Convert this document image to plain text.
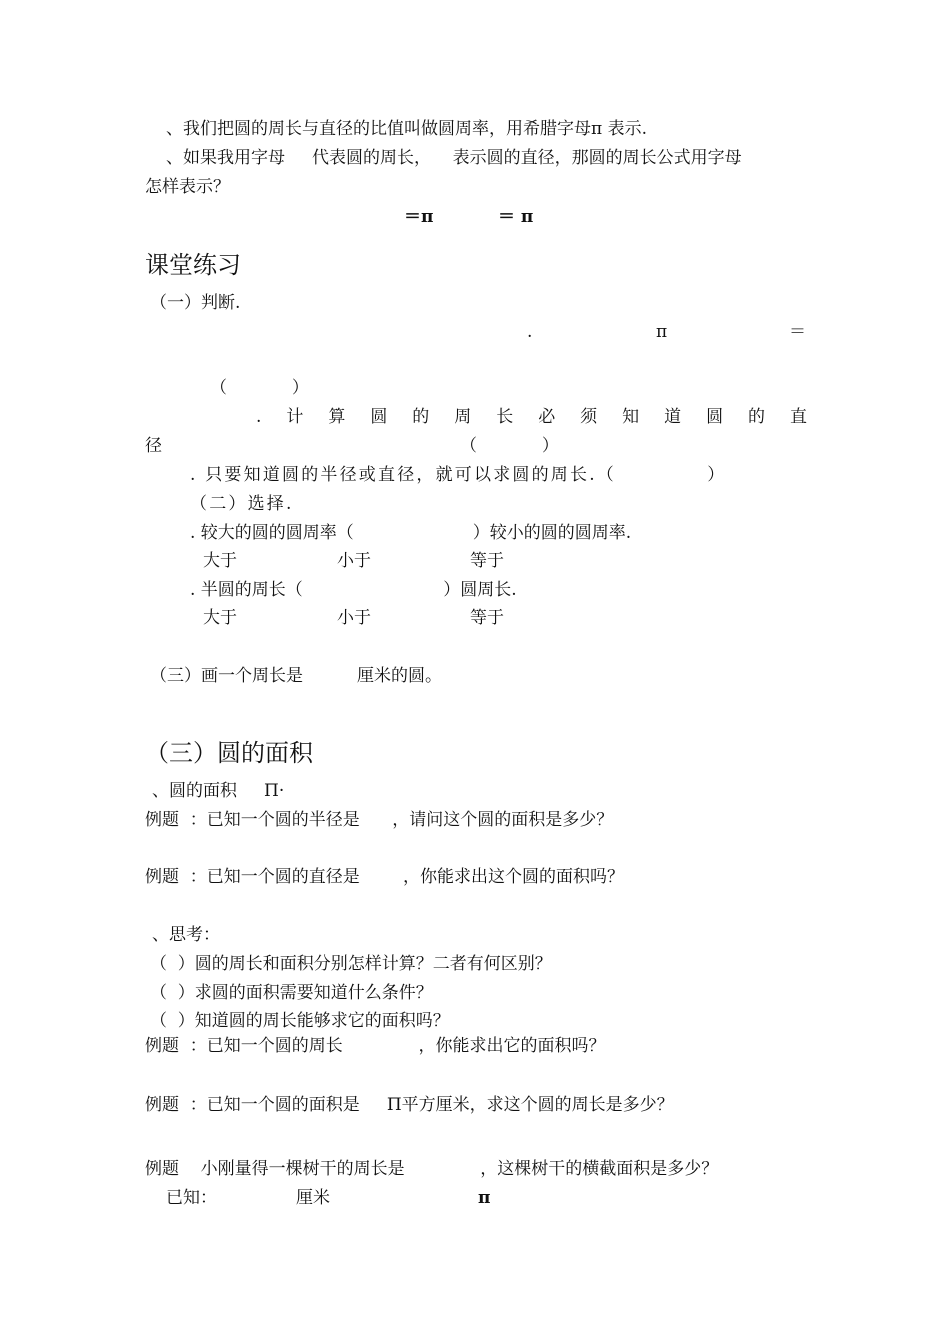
、我们把圆的周长与直径的比值叫做圆周率，用希腊字母π 表示.
、如果我用字母     代表圆的周长，    表示圆的直径，那圆的周长公式用字母
怎样表示？
＝π	＝ π
课堂练习
（一）判断.
.	π	＝
（            ）
. 计 算 圆 的 周 长 必 须 知 道 圆 的 直
径	（            ）
. 只要知道圆的半径或直径，就可以求圆的周长.（            ）
（二）选择.
. 较大的圆的圆周率（                      ）较小的圆的圆周率.
大于	小于	等于
. 半圆的周长（                          ）圆周长.
大于	小于	等于
（三）画一个周长是          厘米的圆。
（三）圆的面积
、圆的面积     Π·
例题  ：已知一个圆的半径是      ，请问这个圆的面积是多少？
例题  ：已知一个圆的直径是        ，你能求出这个圆的面积吗？
、思考：
（  ）圆的周长和面积分别怎样计算？二者有何区别？
（  ）求圆的面积需要知道什么条件？
（  ）知道圆的周长能够求它的面积吗？
例题  ：已知一个圆的周长              ，你能求出它的面积吗？
例题  ：已知一个圆的面积是     Π平方厘米，求这个圆的周长是多少？
例题    小刚量得一棵树干的周长是              ，这棵树干的横截面积是多少？
已知：	厘米	π
